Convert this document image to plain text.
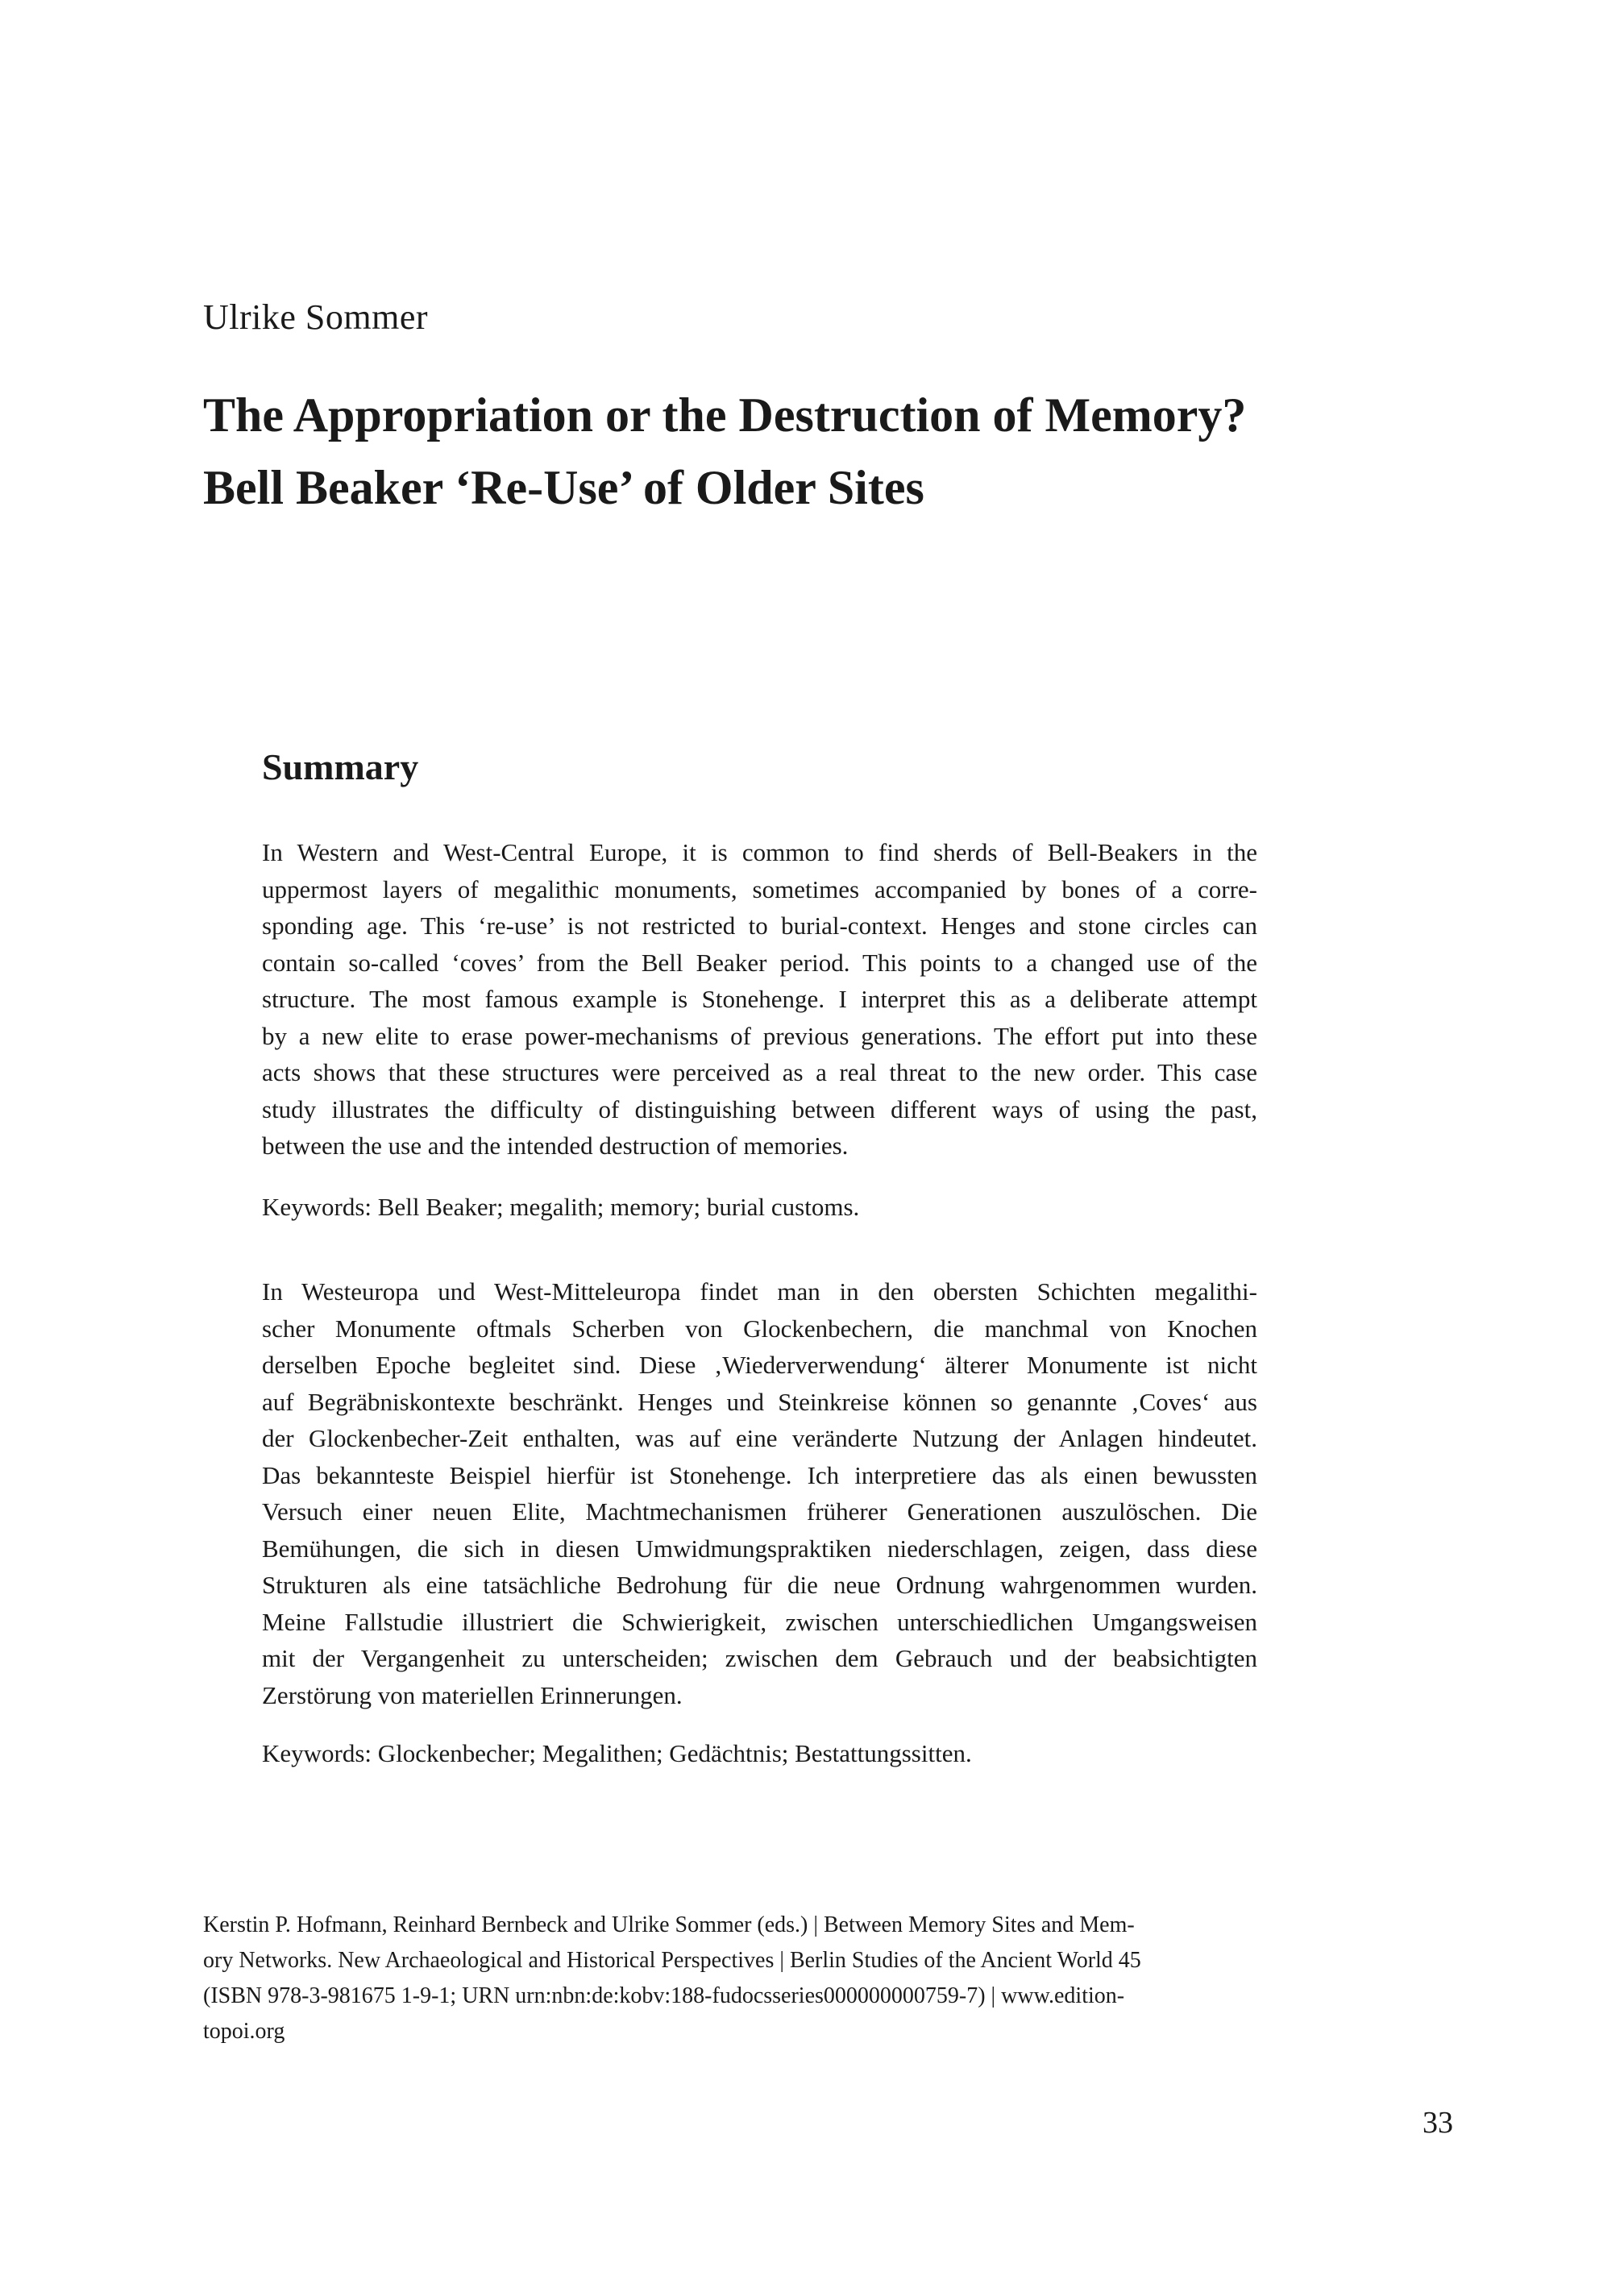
Ulrike Sommer
The Appropriation or the Destruction of Memory?
Bell Beaker ‘Re-Use’ of Older Sites
Summary

In Western and West-Central Europe, it is common to find sherds of Bell-Beakers in the
uppermost layers of megalithic monuments, sometimes accompanied by bones of a corre-
sponding age. This ‘re-use’ is not restricted to burial-context. Henges and stone circles can
contain so-called ‘coves’ from the Bell Beaker period. This points to a changed use of the
structure. The most famous example is Stonehenge. I interpret this as a deliberate attempt
by a new elite to erase power-mechanisms of previous generations. The effort put into these
acts shows that these structures were perceived as a real threat to the new order. This case
study illustrates the difficulty of distinguishing between different ways of using the past,
between the use and the intended destruction of memories.

Keywords: Bell Beaker; megalith; memory; burial customs.

In Westeuropa und West-Mitteleuropa findet man in den obersten Schichten megalithi-
scher Monumente oftmals Scherben von Glockenbechern, die manchmal von Knochen
derselben Epoche begleitet sind. Diese ‚Wiederverwendung‘ älterer Monumente ist nicht
auf Begräbniskontexte beschränkt. Henges und Steinkreise können so genannte ‚Coves‘ aus
der Glockenbecher-Zeit enthalten, was auf eine veränderte Nutzung der Anlagen hindeutet.
Das bekannteste Beispiel hierfür ist Stonehenge. Ich interpretiere das als einen bewussten
Versuch einer neuen Elite, Machtmechanismen früherer Generationen auszulöschen. Die
Bemühungen, die sich in diesen Umwidmungspraktiken niederschlagen, zeigen, dass diese
Strukturen als eine tatsächliche Bedrohung für die neue Ordnung wahrgenommen wurden.
Meine Fallstudie illustriert die Schwierigkeit, zwischen unterschiedlichen Umgangsweisen
mit der Vergangenheit zu unterscheiden; zwischen dem Gebrauch und der beabsichtigten
Zerstörung von materiellen Erinnerungen.

Keywords: Glockenbecher; Megalithen; Gedächtnis; Bestattungssitten.

Kerstin P. Hofmann, Reinhard Bernbeck and Ulrike Sommer (eds.) | Between Memory Sites and Mem-
ory Networks. New Archaeological and Historical Perspectives | Berlin Studies of the Ancient World 45
(ISBN 978-3-981675 1-9-1; URN urn:nbn:de:kobv:188-fudocsseries000000000759-7) | www.edition-
topoi.org

33
